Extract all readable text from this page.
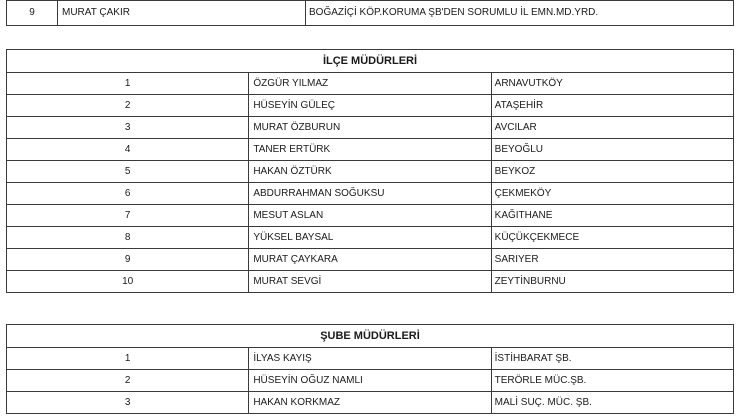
9	MURAT ÇAKIR	BOĞAZİÇİ KÖP.KORUMA ŞB'DEN SORUMLU İL EMN.MD.YRD.
İLÇE MÜDÜRLERİ		
1	ÖZGÜR YILMAZ	ARNAVUTKÖY
2	HÜSEYİN GÜLEÇ	ATAŞEHİR
3	MURAT ÖZBURUN	AVCILAR
4	TANER ERTÜRK	BEYOĞLU
5	HAKAN ÖZTÜRK	BEYKOZ
6	ABDURRAHMAN SOĞUKSU	ÇEKMEKÖY
7	MESUT ASLAN	KAĞITHANE
8	YÜKSEL BAYSAL	KÜÇÜKÇEKMECE
9	MURAT ÇAYKARA	SARIYER
10	MURAT SEVGİ	ZEYTİNBURNU
ŞUBE MÜDÜRLERİ		
1	İLYAS KAYIŞ	İSTİHBARAT ŞB.
2	HÜSEYİN OĞUZ NAMLI	TERÖRLE MÜC.ŞB.
3	HAKAN KORKMAZ	MALİ SUÇ. MÜC. ŞB.
